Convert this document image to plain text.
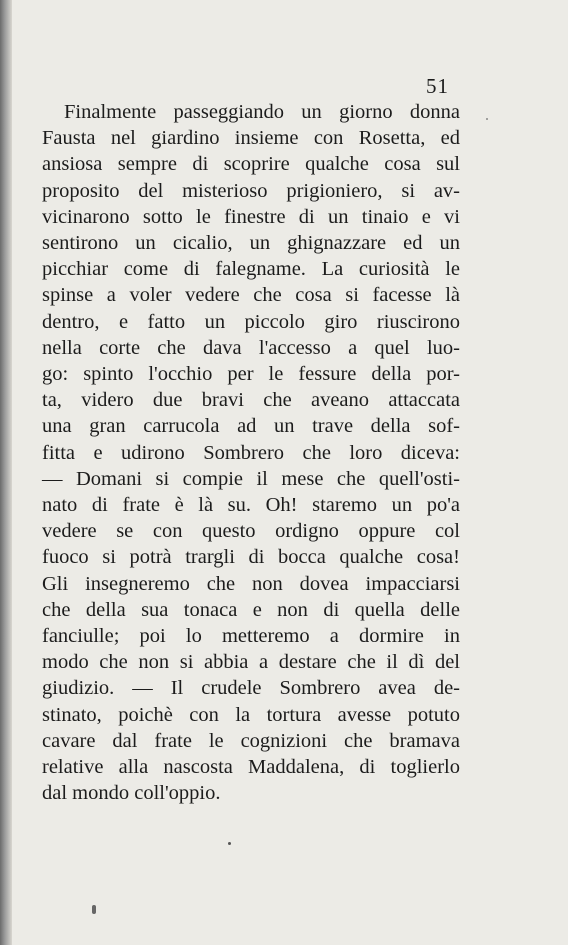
51
Finalmente passeggiando un giorno donna
Fausta nel giardino insieme con Rosetta, ed
ansiosa sempre di scoprire qualche cosa sul
proposito del misterioso prigioniero, si av-
vicinarono sotto le finestre di un tinaio e vi
sentirono un cicalio, un ghignazzare ed un
picchiar come di falegname. La curiosità le
spinse a voler vedere che cosa si facesse là
dentro, e fatto un piccolo giro riuscirono
nella corte che dava l'accesso a quel luo-
go: spinto l'occhio per le fessure della por-
ta, videro due bravi che aveano attaccata
una gran carrucola ad un trave della sof-
fitta e udirono Sombrero che loro diceva:
— Domani si compie il mese che quell'osti-
nato di frate è là su. Oh! staremo un po'a
vedere se con questo ordigno oppure col
fuoco si potrà trargli di bocca qualche cosa!
Gli insegneremo che non dovea impacciarsi
che della sua tonaca e non di quella delle
fanciulle; poi lo metteremo a dormire in
modo che non si abbia a destare che il dì del
giudizio. — Il crudele Sombrero avea de-
stinato, poichè con la tortura avesse potuto
cavare dal frate le cognizioni che bramava
relative alla nascosta Maddalena, di toglierlo
dal mondo coll'oppio.
